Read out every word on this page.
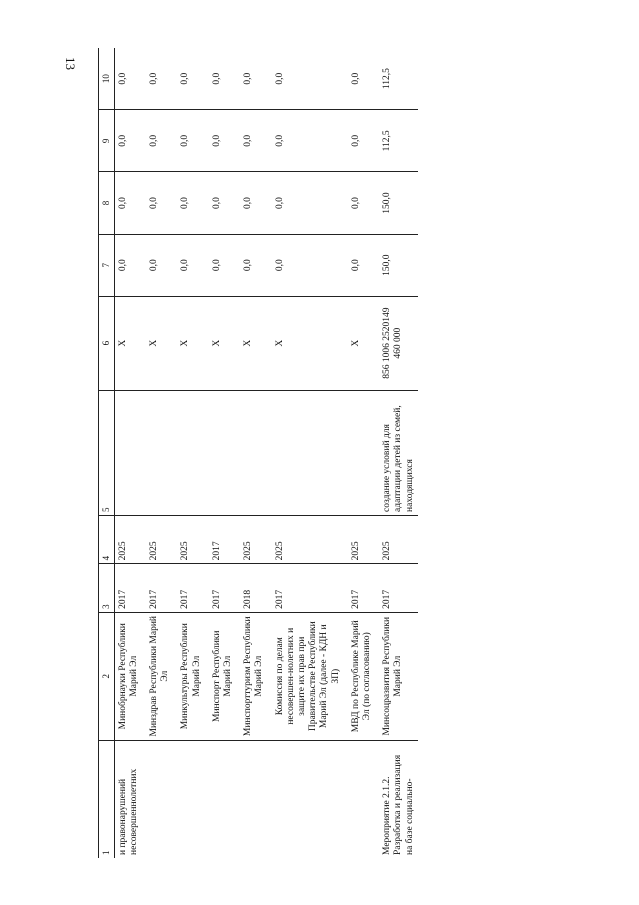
13
1	2	3	4	5	6	7	8	9	10
и правонарушений несовершеннолетних	Минобрнауки Республики Марий Эл	2017	2025		X	0,0	0,0	0,0	0,0
	Минздрав Республики Марий Эл	2017	2025		X	0,0	0,0	0,0	0,0
	Минкультуры Республики Марий Эл	2017	2025		X	0,0	0,0	0,0	0,0
	Минспорт Республики Марий Эл	2017	2017		X	0,0	0,0	0,0	0,0
	Минспорттуризм Республики Марий Эл	2018	2025		X	0,0	0,0	0,0	0,0
	Комиссия по делам несовершен-нолетних и защите их прав при Правительстве Республики Марий Эл (далее - КДН и ЗП)	2017	2025		X	0,0	0,0	0,0	0,0
	МВД по Республике Марий Эл (по согласованию)	2017	2025		X	0,0	0,0	0,0	0,0
Мероприятие 2.1.2. Разработка и реализация на базе социально-	Минсоцразвития Республики Марий Эл	2017	2025	создание условий для адаптации детей из семей, находящихся	856 1006 2520149 460 000	150,0	150,0	112,5	112,5
